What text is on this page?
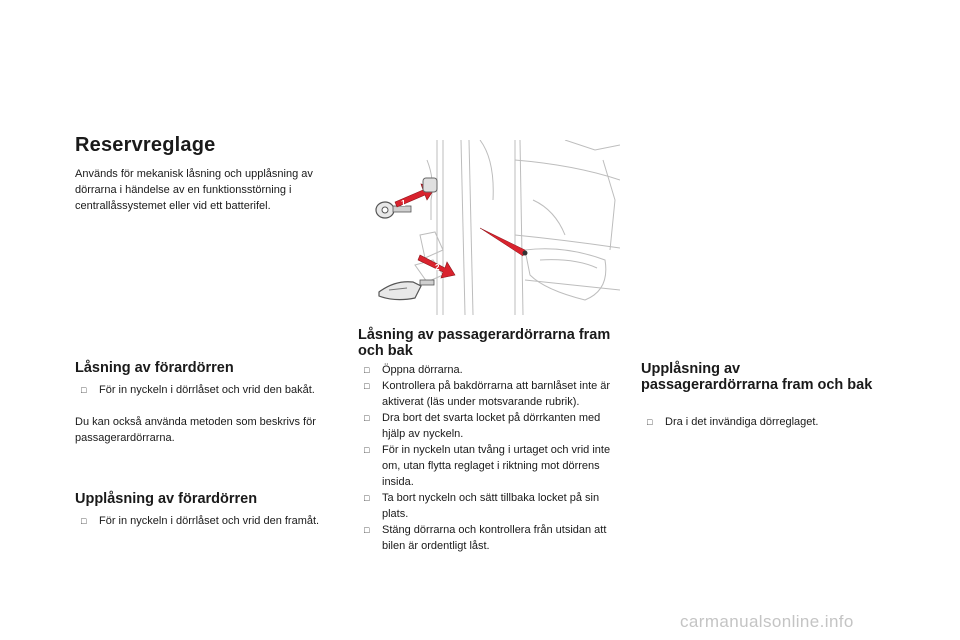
Reservreglage

Används för mekanisk låsning och upplåsning av dörrarna i händelse av en funktionsstörning i centrallåssystemet eller vid ett batterifel.	1
2
Låsning av förardörren
□ För in nyckeln i dörrlåset och vrid den bakåt.

Du kan också använda metoden som beskrivs för passagerardörrarna.

Upplåsning av förardörren
□ För in nyckeln i dörrlåset och vrid den framåt.
Låsning av passagerardörrarna fram och bak
□ Öppna dörrarna.
□ Kontrollera på bakdörrarna att barnlåset inte är aktiverat (läs under motsvarande rubrik).
□ Dra bort det svarta locket på dörrkanten med hjälp av nyckeln.
□ För in nyckeln utan tvång i urtaget och vrid inte om, utan flytta reglaget i riktning mot dörrens insida.
□ Ta bort nyckeln och sätt tillbaka locket på sin plats.
□ Stäng dörrarna och kontrollera från utsidan att bilen är ordentligt låst.
Upplåsning av passagerardörrarna fram och bak
□ Dra i det invändiga dörreglaget.
carmanualsonline.info
